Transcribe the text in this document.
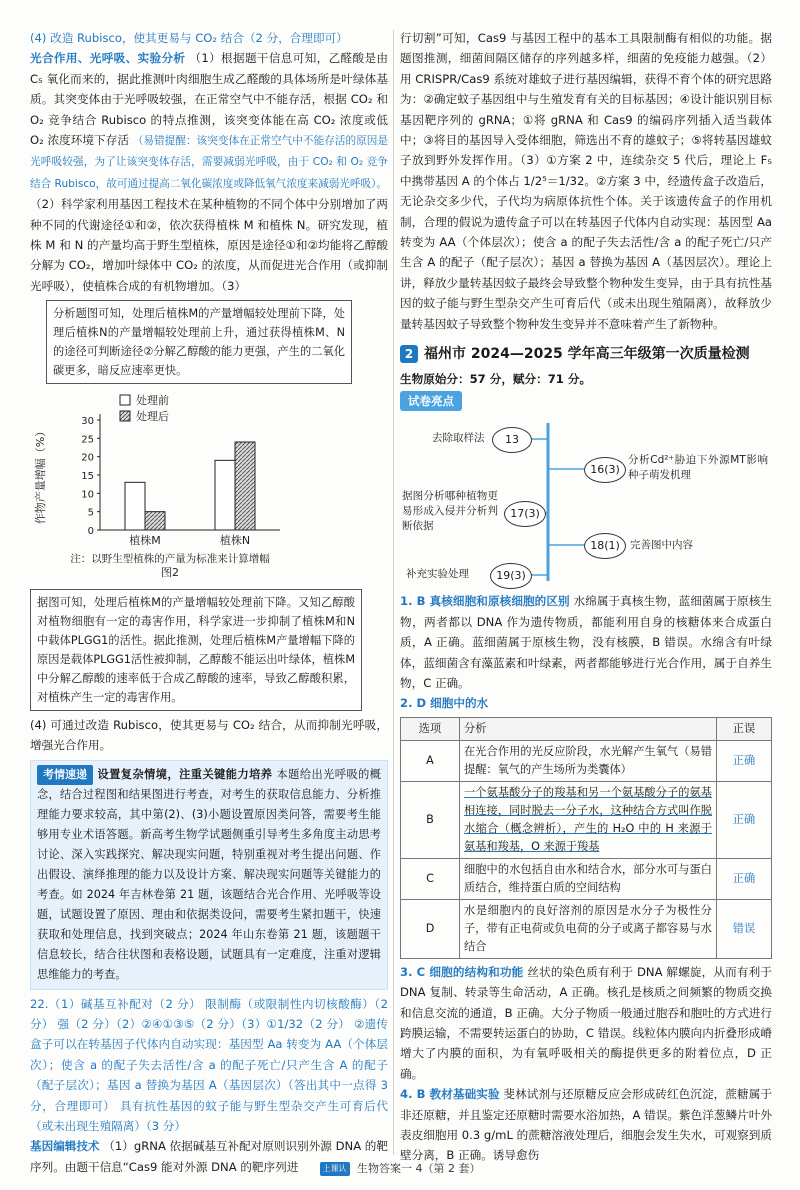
(4) 改造 Rubisco，使其更易与 CO₂ 结合（2 分，合理即可）

光合作用、光呼吸、实验分析 （1）根据题干信息可知，乙醛酸是由 C₅ 氧化而来的，据此推测叶肉细胞生成乙醛酸的具体场所是叶绿体基质。其突变体由于光呼吸较强，在正常空气中不能存活，根据 CO₂ 和 O₂ 竞争结合 Rubisco 的特点推测，该突变体能在高 CO₂ 浓度或低 O₂ 浓度环境下存活 （易错提醒：该突变体在正常空气中不能存活的原因是光呼吸较强，为了让该突变体存活，需要减弱光呼吸，由于 CO₂ 和 O₂ 竞争结合 Rubisco，故可通过提高二氧化碳浓度或降低氧气浓度来减弱光呼吸）。

（2）科学家利用基因工程技术在某种植物的不同个体中分别增加了两种不同的代谢途径①和②，依次获得植株 M 和植株 N。研究发现，植株 M 和 N 的产量均高于野生型植株，原因是途径①和②均能将乙醇酸分解为 CO₂，增加叶绿体中 CO₂ 的浓度，从而促进光合作用（或抑制光呼吸），使植株合成的有机物增加。（3）

分析题图可知，处理后植株M的产量增幅较处理前下降，处理后植株N的产量增幅较处理前上升，通过获得植株M、N的途径可判断途径②分解乙醇酸的能力更强，产生的二氧化碳更多，暗反应速率更快。
0
5
10
15
20
25
30
作物产量增幅（%）
植株M	植株N
处理前
处理后
注：以野生型植株的产量为标准来计算增幅
图2
据图可知，处理后植株M的产量增幅较处理前下降。又知乙醇酸对植物细胞有一定的毒害作用，科学家进一步抑制了植株M和N中载体PLGG1的活性。据此推测，处理后植株M产量增幅下降的原因是载体PLGG1活性被抑制，乙醇酸不能运出叶绿体，植株M中分解乙醇酸的速率低于合成乙醇酸的速率，导致乙醇酸积累，对植株产生一定的毒害作用。

(4) 可通过改造 Rubisco，使其更易与 CO₂ 结合，从而抑制光呼吸，增强光合作用。

考情速递 设置复杂情境，注重关键能力培养 本题给出光呼吸的概念，结合过程图和结果图进行考查，对考生的获取信息能力、分析推理能力要求较高，其中第(2)、(3)小题设置原因类问答，需要考生能够用专业术语答题。新高考生物学试题侧重引导考生多角度主动思考讨论、深入实践探究、解决现实问题，特别重视对考生提出问题、作出假设、演绎推理的能力以及设计方案、解决现实问题等关键能力的考查。如 2024 年吉林卷第 21 题，该题结合光合作用、光呼吸等设题，试题设置了原因、理由和依据类设问，需要考生紧扣题干，快速获取和处理信息，找到突破点；2024 年山东卷第 21 题，该题题干信息较长，结合往状图和表格设题，试题具有一定难度，注重对逻辑思维能力的考查。

22.（1）碱基互补配对（2 分） 限制酶（或限制性内切核酸酶）（2 分） 强（2 分）（2）②④①③⑤（2 分）（3）①1/32（2 分） ②遗传盒子可以在转基因子代体内自动实现：基因型 Aa 转变为 AA（个体层次）；使含 a 的配子失去活性/含 a 的配子死亡/只产生含 A 的配子（配子层次）；基因 a 替换为基因 A（基因层次）（答出其中一点得 3 分，合理即可） 具有抗性基因的蚊子能与野生型杂交产生可育后代（或未出现生殖隔离）（3 分）

基因编辑技术 （1）gRNA 依据碱基互补配对原则识别外源 DNA 的靶序列。由题干信息“Cas9 能对外源 DNA 的靶序列进

行切割”可知，Cas9 与基因工程中的基本工具限制酶有相似的功能。据题图推测，细菌间隔区储存的序列越多样，细菌的免疫能力越强。（2）用 CRISPR/Cas9 系统对雄蚊子进行基因编辑，获得不育个体的研究思路为：②确定蚊子基因组中与生殖发育有关的目标基因；④设计能识别目标基因靶序列的 gRNA；①将 gRNA 和 Cas9 的编码序列插入适当载体中；③将目的基因导入受体细胞，筛选出不育的雄蚊子；⑤将转基因雄蚊子放到野外发挥作用。（3）①方案 2 中，连续杂交 5 代后，理论上 F₅ 中携带基因 A 的个体占 1/2⁵＝1/32。②方案 3 中，经遗传盒子改造后，无论杂交多少代，子代均为病原体抗性个体。关于该遗传盒子的作用机制，合理的假说为遗传盒子可以在转基因子代体内自动实现：基因型 Aa 转变为 AA（个体层次）；使含 a 的配子失去活性/含 a 的配子死亡/只产生含 A 的配子（配子层次）；基因 a 替换为基因 A（基因层次）。理论上讲，释放少量转基因蚊子最终会导致整个物种发生变异，由于具有抗性基因的蚊子能与野生型杂交产生可育后代（或未出现生殖隔离），故释放少量转基因蚊子导致整个物种发生变异并不意味着产生了新物种。

2 福州市 2024—2025 学年高三年级第一次质量检测

生物原始分：57 分，赋分：71 分。

试卷亮点
去除取样法	13
16(3)
分析Cd²⁺胁迫下外源MT影响种子萌发机理
据图分析哪种植物更易形成入侵并分析判断依据
17(3)
18(1) 完善图中内容
补充实验处理	19(3)

1. B 真核细胞和原核细胞的区别 水绵属于真核生物，蓝细菌属于原核生物，两者都以 DNA 作为遗传物质，都能利用自身的核糖体来合成蛋白质，A 正确。蓝细菌属于原核生物，没有核膜，B 错误。水绵含有叶绿体，蓝细菌含有藻蓝素和叶绿素，两者都能够进行光合作用，属于自养生物，C 正确。

2. D 细胞中的水

选项	分析	正误
A	在光合作用的光反应阶段，水光解产生氧气（易错提醒：氧气的产生场所为类囊体）	正确
B	一个氨基酸分子的羧基和另一个氨基酸分子的氨基相连接，同时脱去一分子水，这种结合方式叫作脱水缩合（概念辨析），产生的 H₂O 中的 H 来源于氨基和羧基，O 来源于羧基	正确
C	细胞中的水包括自由水和结合水，部分水可与蛋白质结合，维持蛋白质的空间结构	正确
D	水是细胞内的良好溶剂的原因是水分子为极性分子，带有正电荷或负电荷的分子或离子都容易与水结合	错误

3. C 细胞的结构和功能 丝状的染色质有利于 DNA 解螺旋，从而有利于 DNA 复制、转录等生命活动，A 正确。核孔是核质之间频繁的物质交换和信息交流的通道，B 正确。大分子物质一般通过胞吞和胞吐的方式进行跨膜运输，不需要转运蛋白的协助，C 错误。线粒体内膜向内折叠形成嵴增大了内膜的面积，为有氧呼吸相关的酶提供更多的附着位点，D 正确。

4. B 教材基础实验 斐林试剂与还原糖反应会形成砖红色沉淀，蔗糖属于非还原糖，并且鉴定还原糖时需要水浴加热，A 错误。紫色洋葱鳞片叶外表皮细胞用 0.3 g/mL 的蔗糖溶液处理后，细胞会发生失水，可观察到质壁分离，B 正确。诱导愈伤

上课认真听 生物答案一 4（第 2 套）
